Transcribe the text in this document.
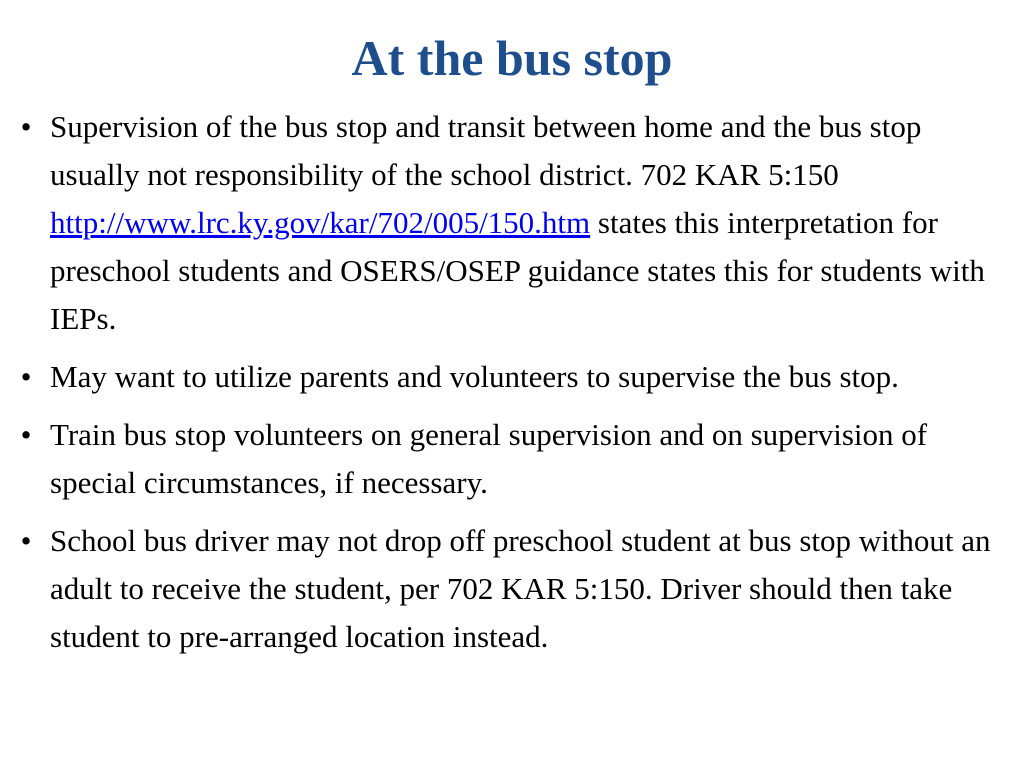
At the bus stop
• Supervision of the bus stop and transit between home and the bus stop usually not responsibility of the school district. 702 KAR 5:150 http://www.lrc.ky.gov/kar/702/005/150.htm states this interpretation for preschool students and OSERS/OSEP guidance states this for students with IEPs.
• May want to utilize parents and volunteers to supervise the bus stop.
• Train bus stop volunteers on general supervision and on supervision of special circumstances, if necessary.
• School bus driver may not drop off preschool student at bus stop without an adult to receive the student, per 702 KAR 5:150. Driver should then take student to pre-arranged location instead.
